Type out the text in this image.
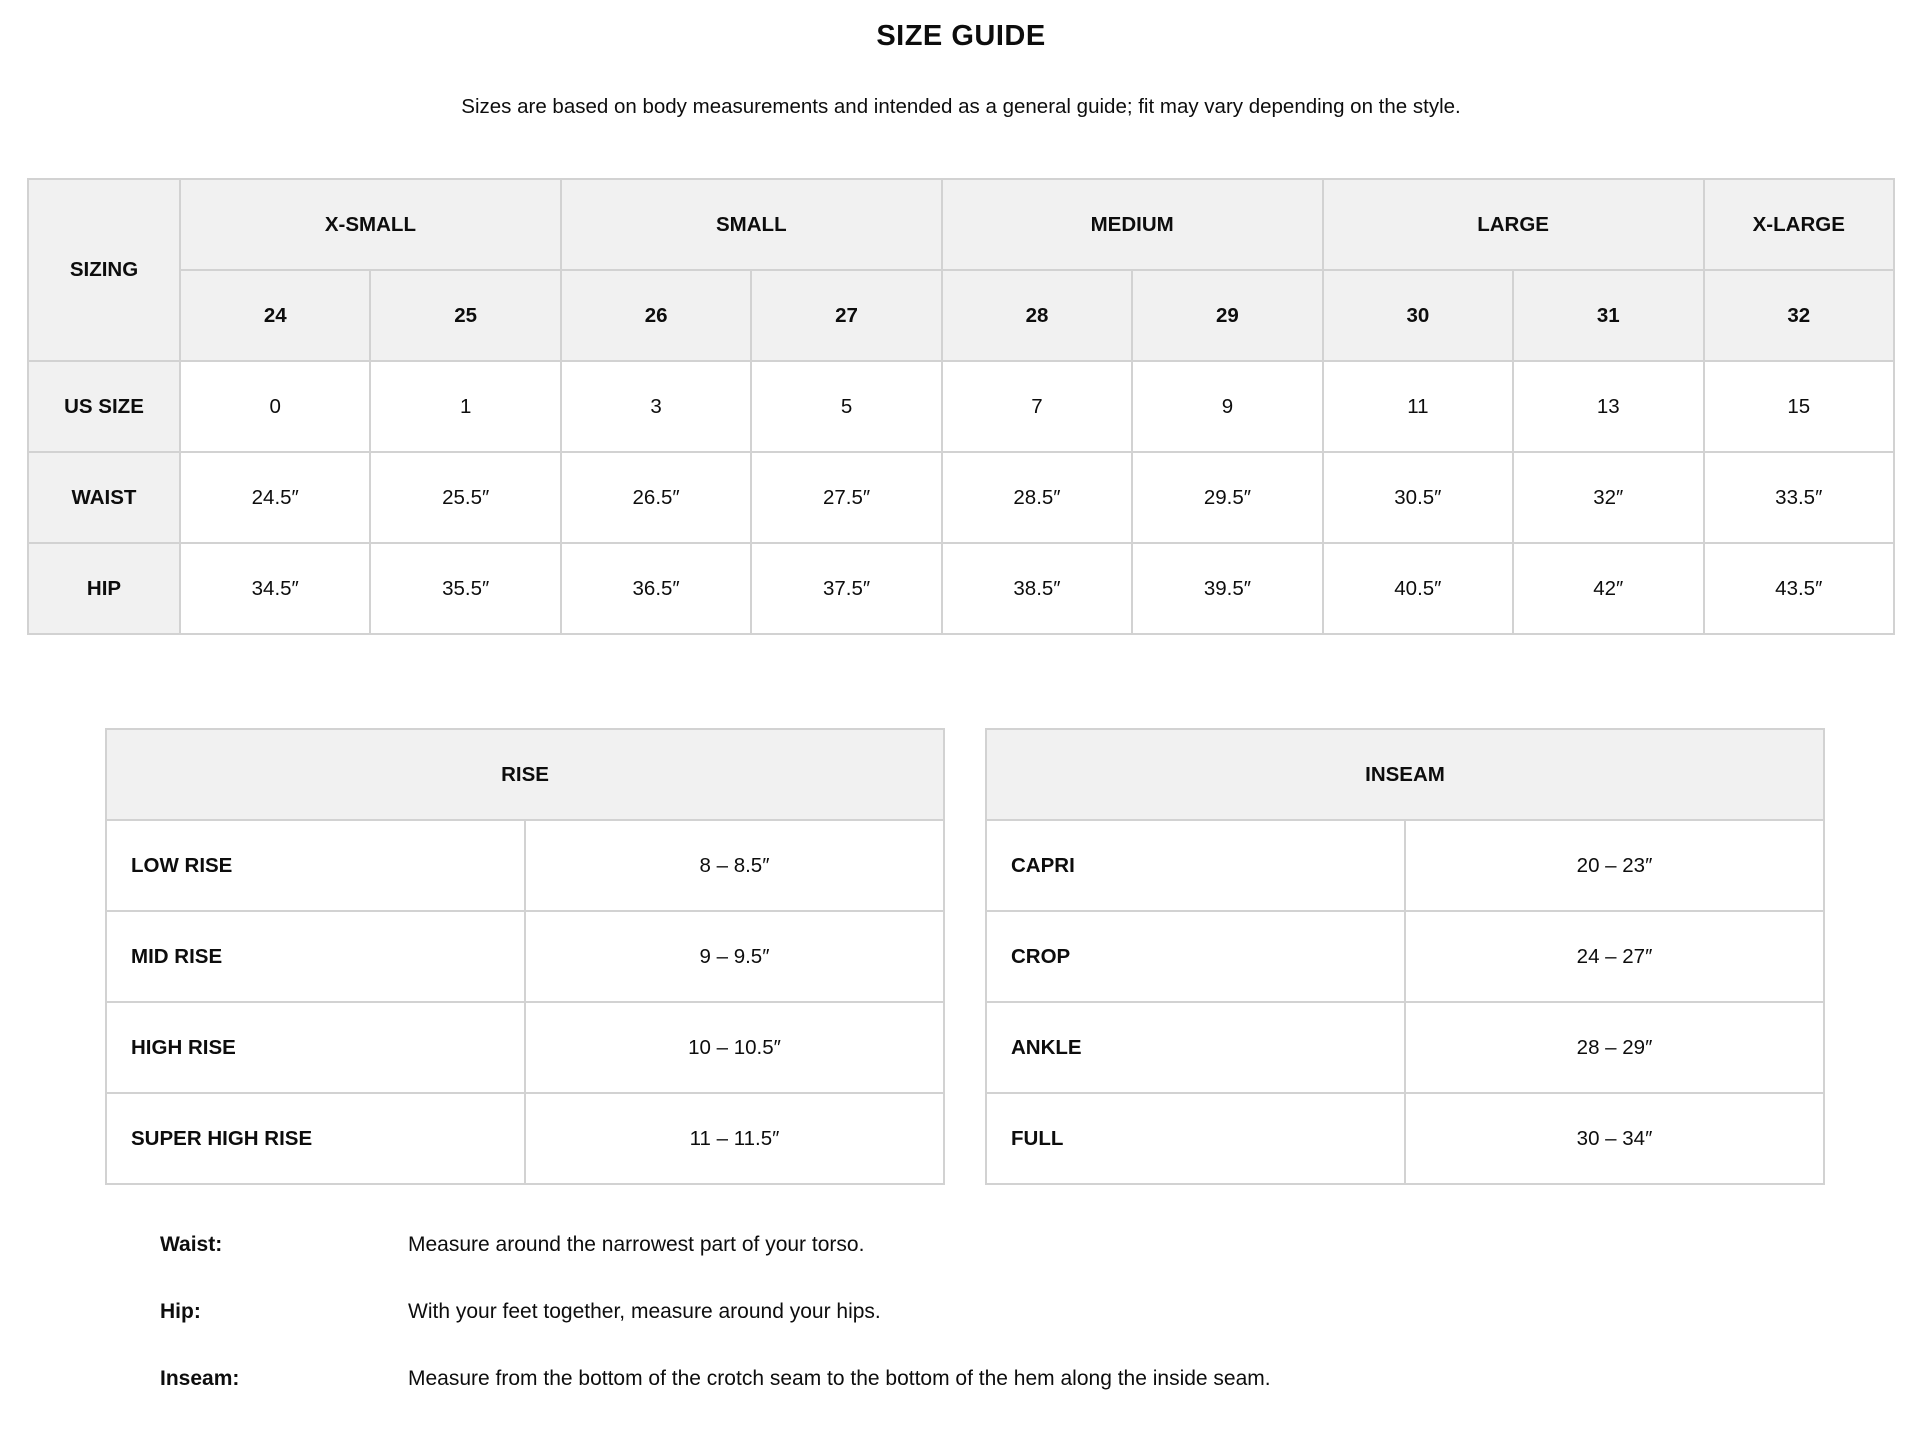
SIZE GUIDE
Sizes are based on body measurements and intended as a general guide; fit may vary depending on the style.
SIZING	X-SMALL		SMALL		MEDIUM		LARGE		X-LARGE
	24	25	26	27	28	29	30	31	32
US SIZE	0	1	3	5	7	9	11	13	15
WAIST	24.5″	25.5″	26.5″	27.5″	28.5″	29.5″	30.5″	32″	33.5″
HIP	34.5″	35.5″	36.5″	37.5″	38.5″	39.5″	40.5″	42″	43.5″
RISE	
LOW RISE	8 – 8.5″
MID RISE	9 – 9.5″
HIGH RISE	10 – 10.5″
SUPER HIGH RISE	11 – 11.5″
INSEAM	
CAPRI	20 – 23″
CROP	24 – 27″
ANKLE	28 – 29″
FULL	30 – 34″
Waist:	Measure around the narrowest part of your torso.
Hip:	With your feet together, measure around your hips.
Inseam:	Measure from the bottom of the crotch seam to the bottom of the hem along the inside seam.
